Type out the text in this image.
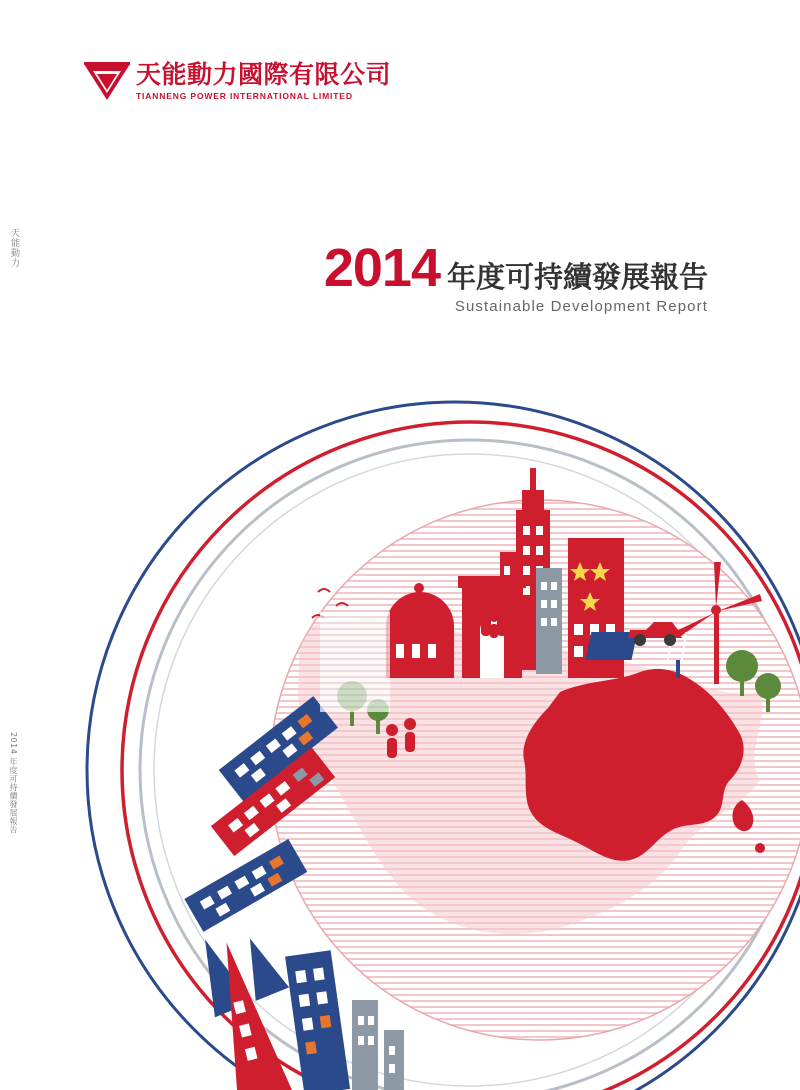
天能動力國際有限公司
TIANNENG POWER INTERNATIONAL LIMITED
天能動力
2014 年度可持續發展報告
2014 年度可持續發展報告
Sustainable Development Report
